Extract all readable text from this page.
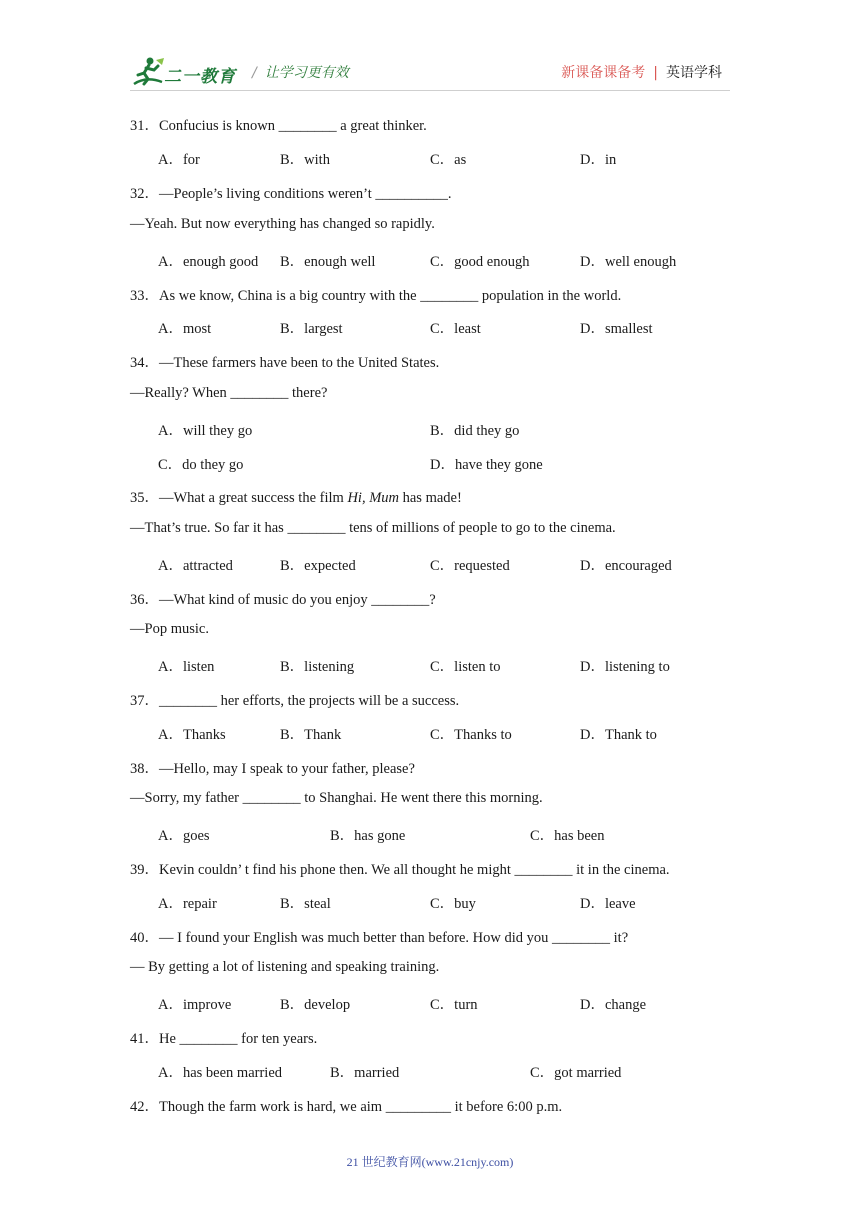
二一教育 / 让学习更有效	新课备课备考 | 英语学科
31．Confucius is known ________ a great thinker.
A．for	B．with	C．as	D．in
32．—People’s living conditions weren’t __________.
—Yeah. But now everything has changed so rapidly.
A．enough good B．enough well	C．good enough	D．well enough
33．As we know, China is a big country with the ________ population in the world.
A．most	B．largest	C．least	D．smallest
34．—These farmers have been to the United States.
—Really? When ________ there?
A．will they go	B．did they go
C．do they go	D．have they gone
35．—What a great success the film Hi, Mum has made!
—That’s true. So far it has ________ tens of millions of people to go to the cinema.
A．attracted	B．expected	C．requested	D．encouraged
36．—What kind of music do you enjoy ________?
—Pop music.
A．listen	B．listening	C．listen to	D．listening to
37．________ her efforts, the projects will be a success.
A．Thanks	B．Thank	C．Thanks to	D．Thank to
38．—Hello, may I speak to your father, please?
—Sorry, my father ________ to Shanghai. He went there this morning.
A．goes	B．has gone	C．has been
39．Kevin couldn’ t find his phone then. We all thought he might ________ it in the cinema.
A．repair	B．steal	C．buy	D．leave
40．— I found your English was much better than before. How did you ________ it?
— By getting a lot of listening and speaking training.
A．improve	B．develop	C．turn	D．change
41．He ________ for ten years.
A．has been married	B．married	C．got married
42．Though the farm work is hard, we aim _________ it before 6:00 p.m.
21 世纪教育网(www.21cnjy.com)
